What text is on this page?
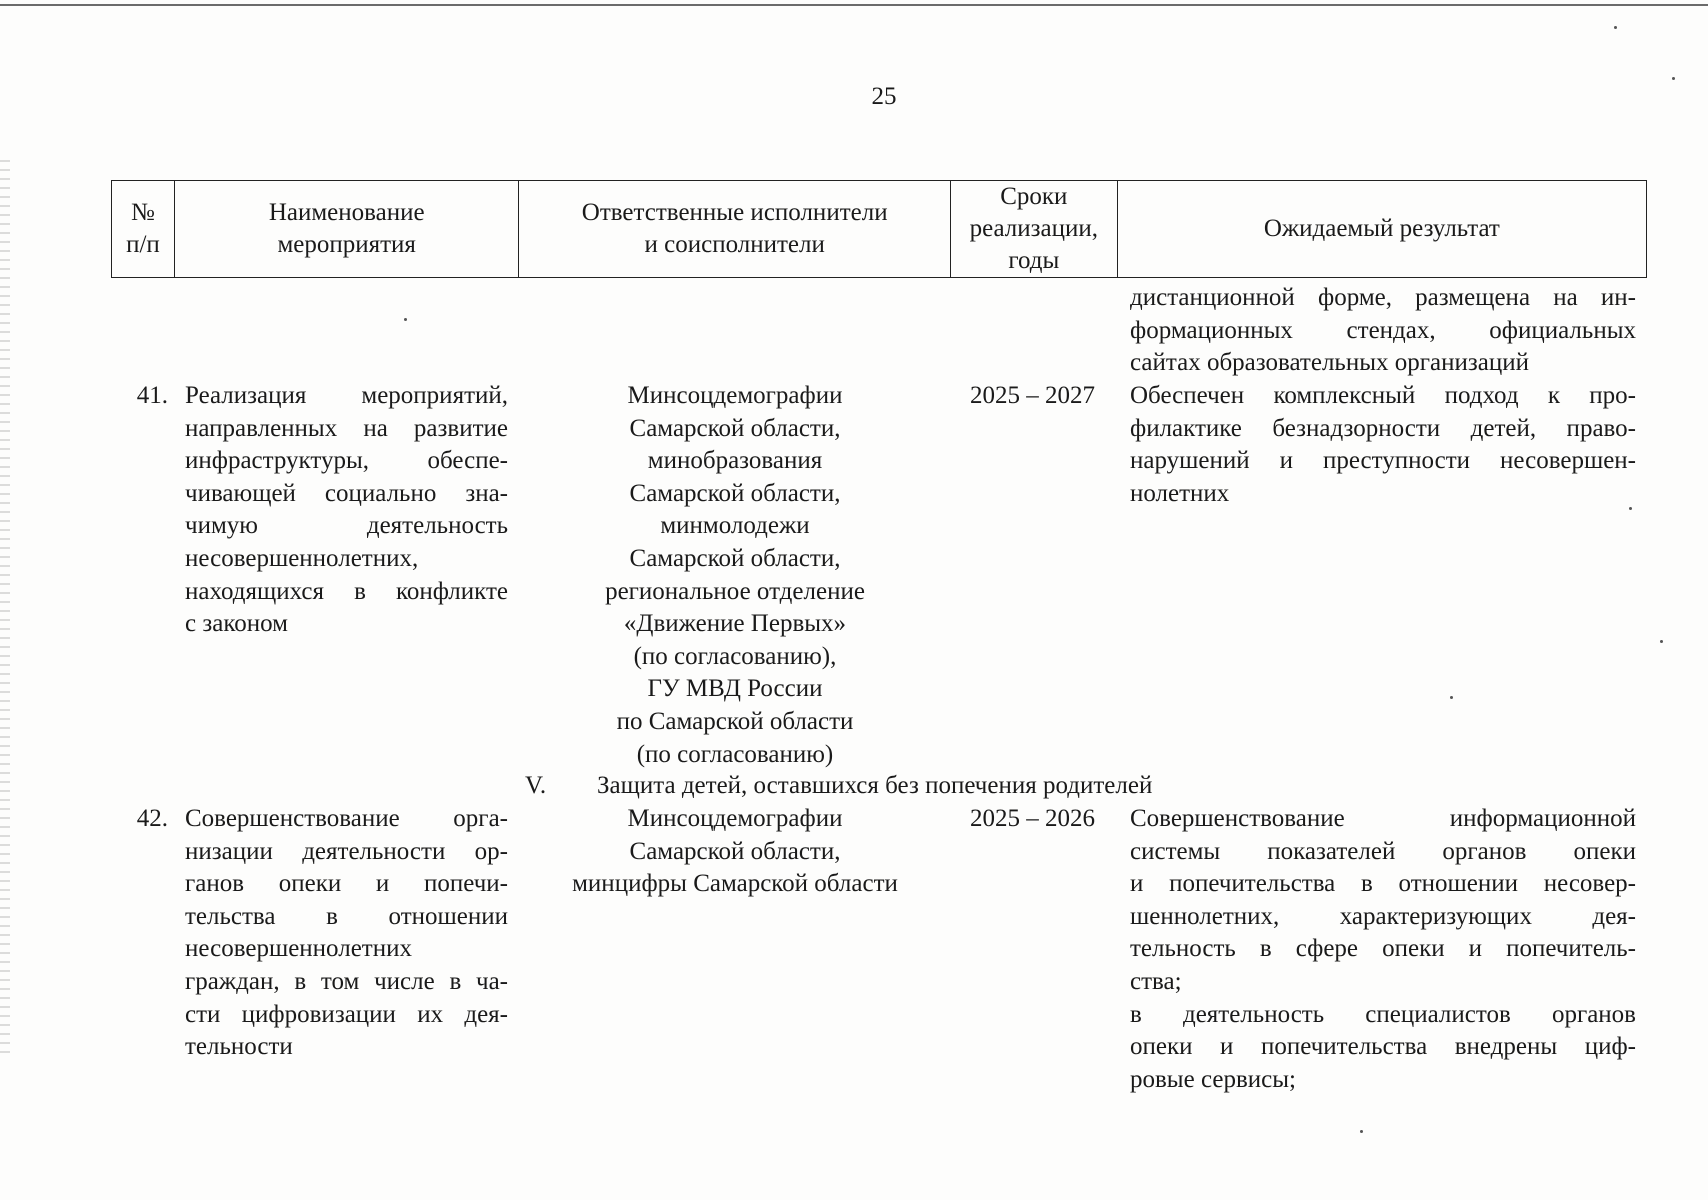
25
№
п/п
Наименование
мероприятия
Ответственные исполнители
и соисполнители
Сроки
реализации,
годы
Ожидаемый результат
дистанционной форме, размещена на ин-
формационных стендах, официальных
сайтах образовательных организаций
41. Реализация мероприятий,
направленных на развитие
инфраструктуры, обеспе-
чивающей социально зна-
чимую деятельность
несовершеннолетних,
находящихся в конфликте
с законом
Минсоцдемографии
Самарской области,
минобразования
Самарской области,
минмолодежи
Самарской области,
региональное отделение
«Движение Первых»
(по согласованию),
ГУ МВД России
по Самарской области
(по согласованию)
2025 – 2027	Обеспечен комплексный подход к про-
филактике безнадзорности детей, право-
нарушений и преступности несовершен-
нолетних
V. Защита детей, оставшихся без попечения родителей
42. Совершенствование орга-
низации деятельности ор-
ганов опеки и попечи-
тельства в отношении
несовершеннолетних
граждан, в том числе в ча-
сти цифровизации их дея-
тельности
Минсоцдемографии
Самарской области,
минцифры Самарской области
2025 – 2026	Совершенствование информационной
системы показателей органов опеки
и попечительства в отношении несовер-
шеннолетних, характеризующих дея-
тельность в сфере опеки и попечитель-
ства;
в деятельность специалистов органов
опеки и попечительства внедрены циф-
ровые сервисы;
